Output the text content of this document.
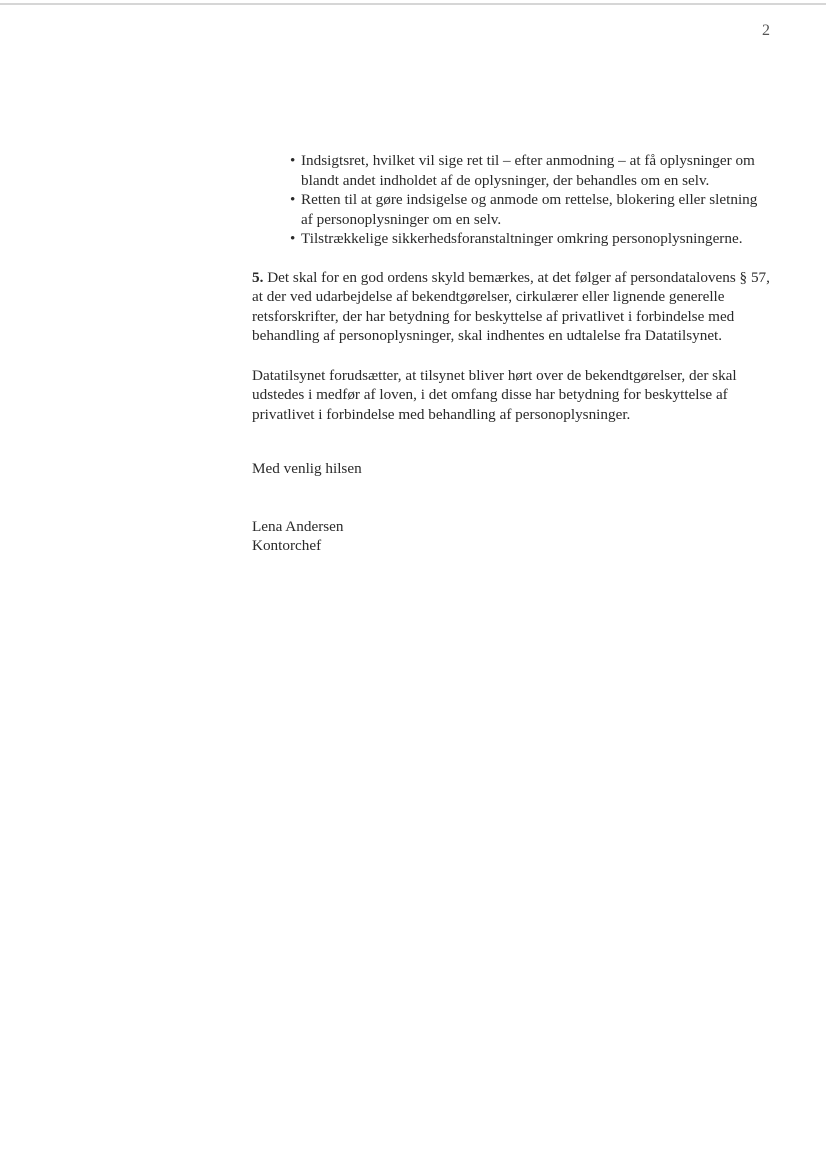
2
• Indsigtsret, hvilket vil sige ret til – efter anmodning – at få oplysninger om blandt andet indholdet af de oplysninger, der behandles om en selv.
• Retten til at gøre indsigelse og anmode om rettelse, blokering eller sletning af personoplysninger om en selv.
• Tilstrækkelige sikkerhedsforanstaltninger omkring personoplysningerne.

5. Det skal for en god ordens skyld bemærkes, at det følger af persondatalovens § 57, at der ved udarbejdelse af bekendtgørelser, cirkulærer eller lignende generelle retsforskrifter, der har betydning for beskyttelse af privatlivet i forbindelse med behandling af personoplysninger, skal indhentes en udtalelse fra Datatilsynet.

Datatilsynet forudsætter, at tilsynet bliver hørt over de bekendtgørelser, der skal udstedes i medfør af loven, i det omfang disse har betydning for beskyttelse af privatlivet i forbindelse med behandling af personoplysninger.

Med venlig hilsen

Lena Andersen
Kontorchef
